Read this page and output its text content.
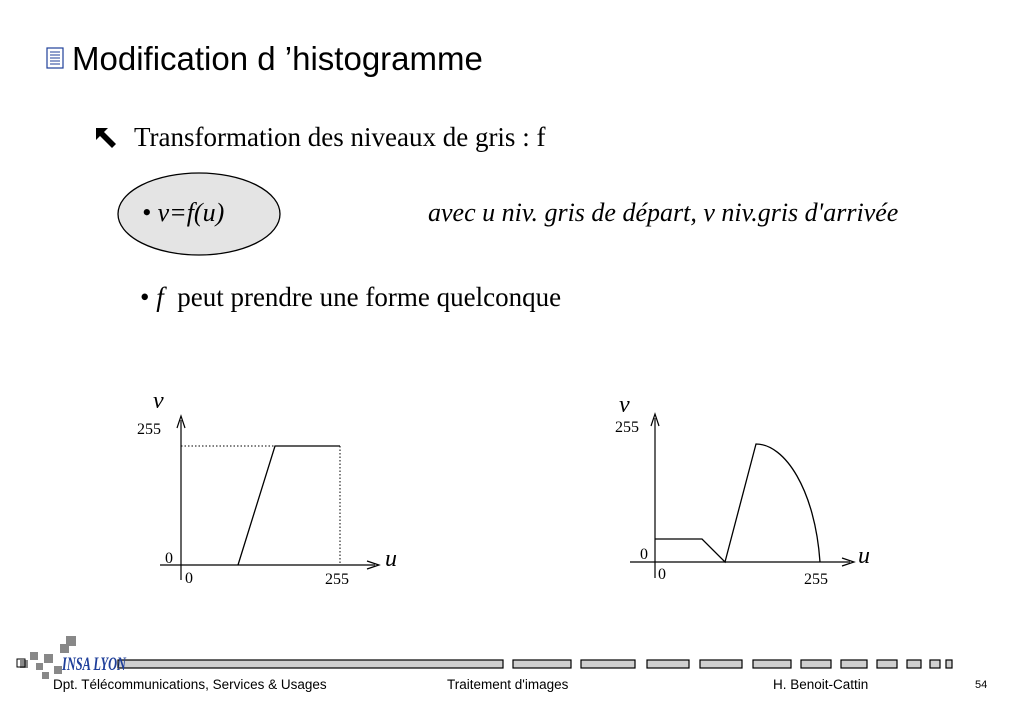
Modification d ’histogramme
Transformation des niveaux de gris : f
• v=f(u)	avec u niv. gris de départ, v niv.gris d'arrivée
• f  peut prendre une forme quelconque
v
255
0
0	255
u
v
255
0
0	255
u
INSA LYON
Dpt. Télécommunications, Services & Usages	Traitement d'images	H. Benoit-Cattin	54
